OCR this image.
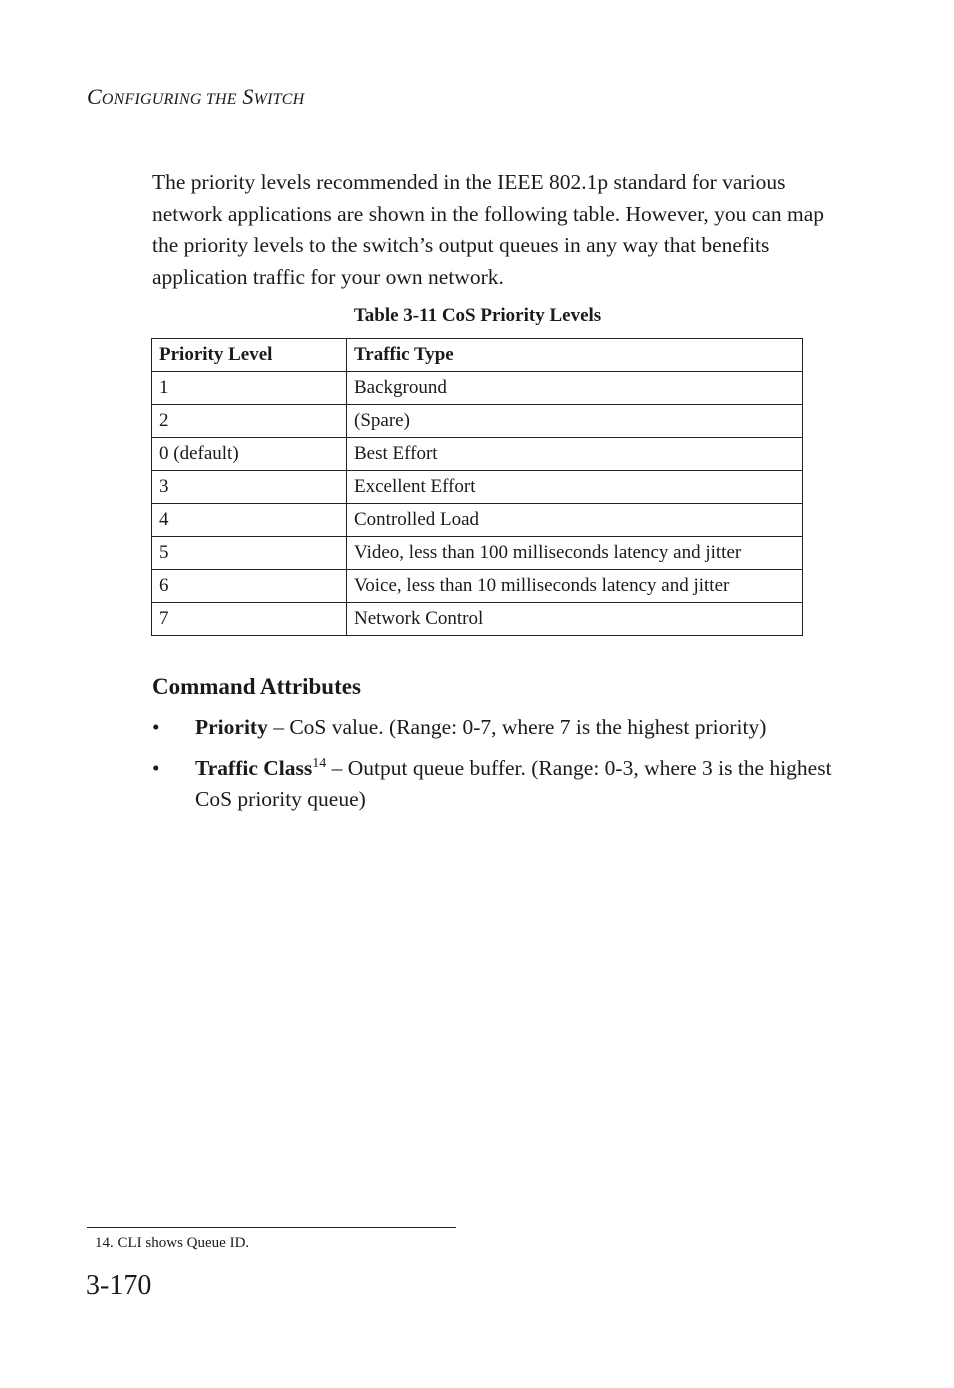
CONFIGURING THE SWITCH

The priority levels recommended in the IEEE 802.1p standard for various network applications are shown in the following table. However, you can map the priority levels to the switch’s output queues in any way that benefits application traffic for your own network.

Table 3-11 CoS Priority Levels
Priority Level	Traffic Type
1	Background
2	(Spare)
0 (default)	Best Effort
3	Excellent Effort
4	Controlled Load
5	Video, less than 100 milliseconds latency and jitter
6	Voice, less than 10 milliseconds latency and jitter
7	Network Control
Command Attributes
• Priority – CoS value. (Range: 0-7, where 7 is the highest priority)
• Traffic Class$^{14}$ – Output queue buffer. (Range: 0-3, where 3 is the highest CoS priority queue)
14. CLI shows Queue ID.
3-170
